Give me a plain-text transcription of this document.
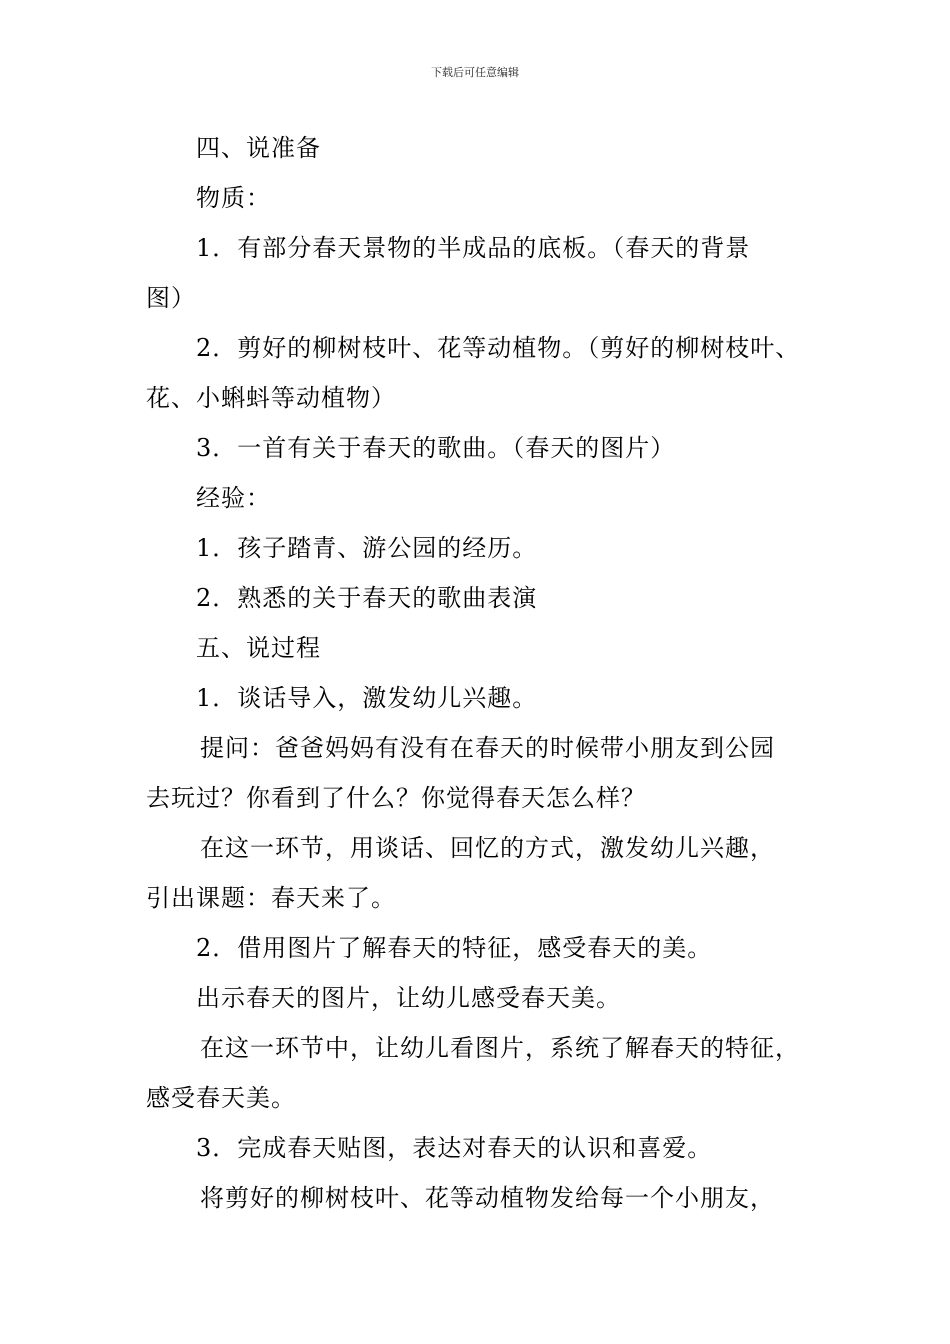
下载后可任意编辑
四、说准备
物质：
1．有部分春天景物的半成品的底板。（春天的背景
图）
2．剪好的柳树枝叶、花等动植物。（剪好的柳树枝叶、
花、小蝌蚪等动植物）
3．一首有关于春天的歌曲。（春天的图片）
经验：
1．孩子踏青、游公园的经历。
2．熟悉的关于春天的歌曲表演
五、说过程
1．谈话导入，激发幼儿兴趣。
提问：爸爸妈妈有没有在春天的时候带小朋友到公园
去玩过？你看到了什么？你觉得春天怎么样？
在这一环节，用谈话、回忆的方式，激发幼儿兴趣，
引出课题：春天来了。
2．借用图片了解春天的特征，感受春天的美。
出示春天的图片，让幼儿感受春天美。
在这一环节中，让幼儿看图片，系统了解春天的特征，
感受春天美。
3．完成春天贴图，表达对春天的认识和喜爱。
将剪好的柳树枝叶、花等动植物发给每一个小朋友，
